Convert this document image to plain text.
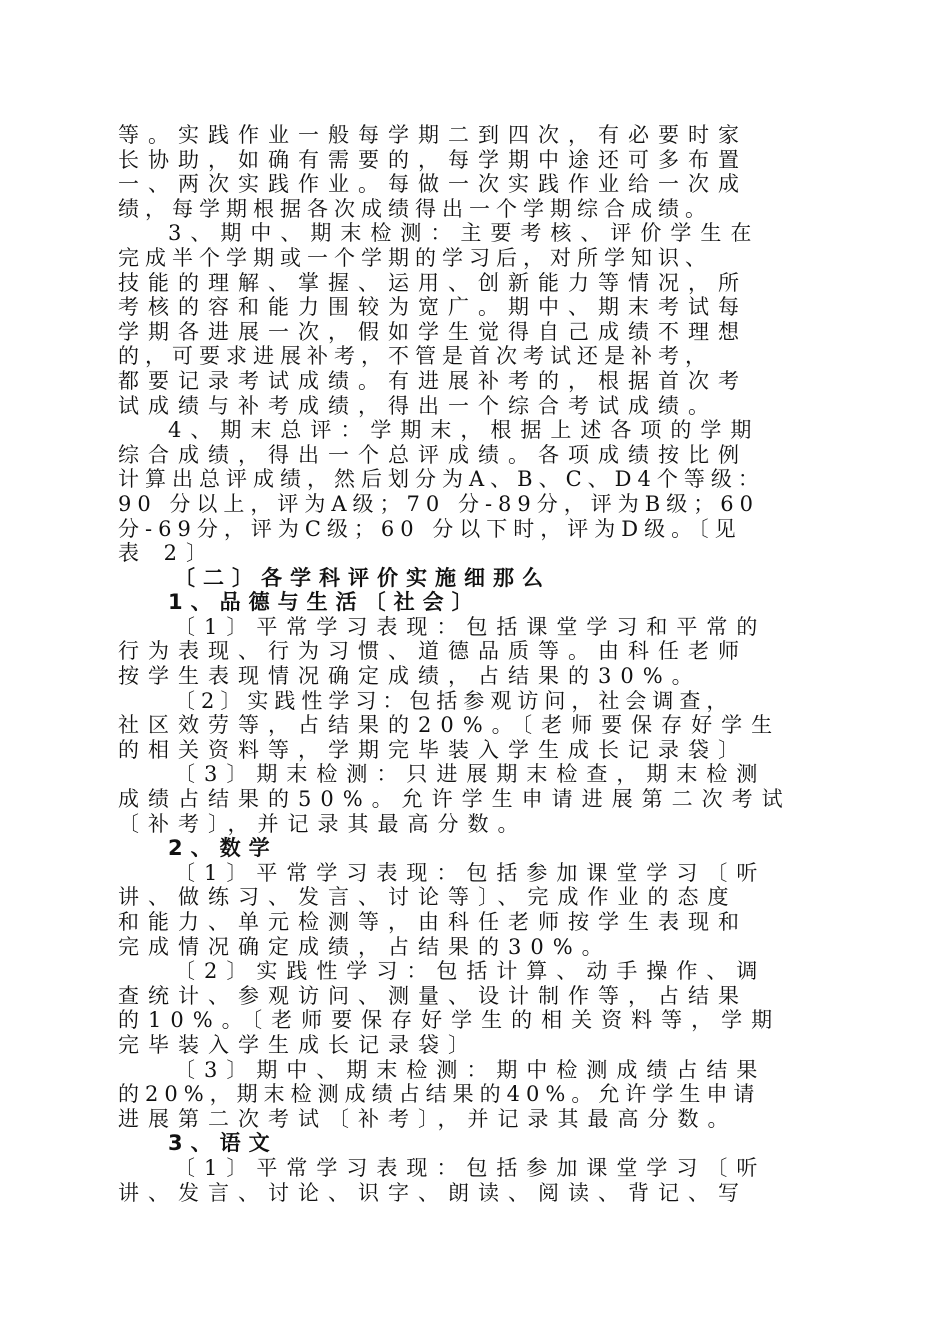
等。实践作业一般每学期二到四次，有必要时家
长协助，如确有需要的，每学期中途还可多布置
一、两次实践作业。每做一次实践作业给一次成
绩，每学期根据各次成绩得出一个学期综合成绩。
3、期中、期末检测：主要考核、评价学生在
完成半个学期或一个学期的学习后，对所学知识、
技能的理解、掌握、运用、创新能力等情况，所
考核的容和能力围较为宽广。期中、期末考试每
学期各进展一次，假如学生觉得自己成绩不理想
的，可要求进展补考，不管是首次考试还是补考，
都要记录考试成绩。有进展补考的，根据首次考
试成绩与补考成绩，得出一个综合考试成绩。
4、期末总评：学期末，根据上述各项的学期
综合成绩，得出一个总评成绩。各项成绩按比例
计算出总评成绩，然后划分为A、B、C、D4个等级：
90 分以上，评为A级；70 分-89分，评为B级；60
分-69分，评为C级；60 分以下时，评为D级。〔见
表 2〕
〔二〕各学科评价实施细那么
1、品德与生活〔社会〕
〔1〕平常学习表现：包括课堂学习和平常的
行为表现、行为习惯、道德品质等。由科任老师
按学生表现情况确定成绩，占结果的30%。
〔2〕实践性学习：包括参观访问，社会调查，
社区效劳等，占结果的20%。〔老师要保存好学生
的相关资料等，学期完毕装入学生成长记录袋〕
〔3〕期末检测：只进展期末检查，期末检测
成绩占结果的50%。允许学生申请进展第二次考试
〔补考〕，并记录其最高分数。
2、数学
〔1〕平常学习表现：包括参加课堂学习〔听
讲、做练习、发言、讨论等〕、完成作业的态度
和能力、单元检测等，由科任老师按学生表现和
完成情况确定成绩，占结果的30%。
〔2〕实践性学习：包括计算、动手操作、调
查统计、参观访问、测量、设计制作等，占结果
的10%。〔老师要保存好学生的相关资料等，学期
完毕装入学生成长记录袋〕
〔3〕期中、期末检测：期中检测成绩占结果
的20%，期末检测成绩占结果的40%。允许学生申请
进展第二次考试〔补考〕，并记录其最高分数。
3、语文
〔1〕平常学习表现：包括参加课堂学习〔听
讲、发言、讨论、识字、朗读、阅读、背记、写
